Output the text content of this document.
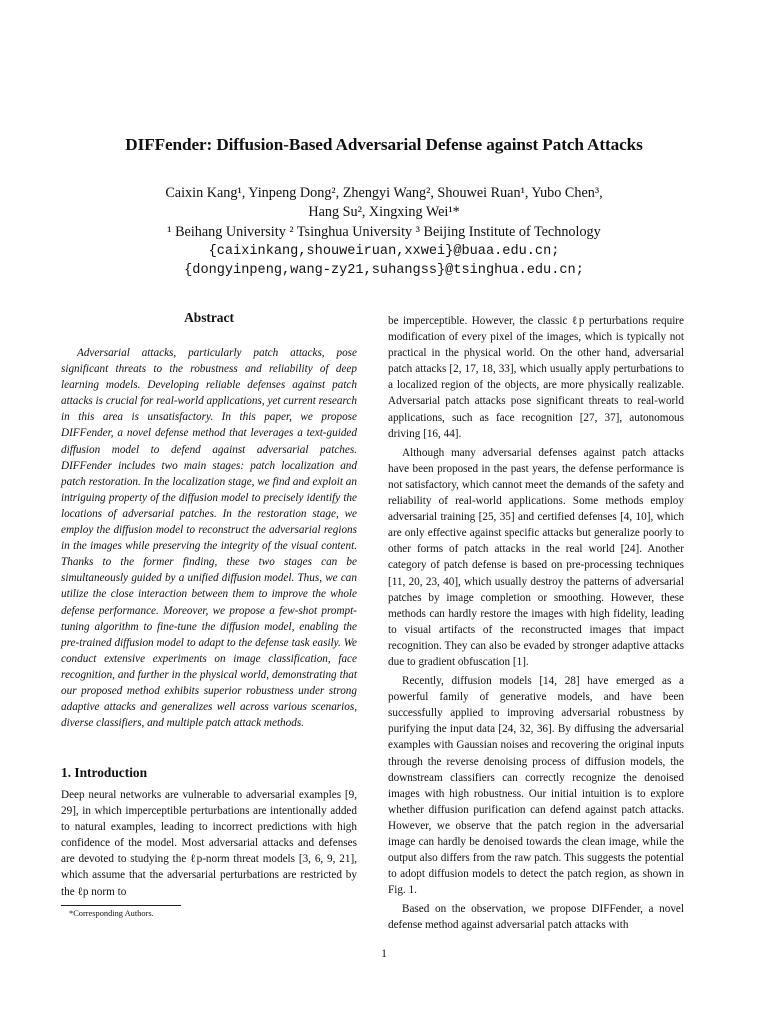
DIFFender: Diffusion-Based Adversarial Defense against Patch Attacks
Caixin Kang¹, Yinpeng Dong², Zhengyi Wang², Shouwei Ruan¹, Yubo Chen³,
Hang Su², Xingxing Wei¹*
¹ Beihang University ² Tsinghua University ³ Beijing Institute of Technology
{caixinkang,shouweiruan,xxwei}@buaa.edu.cn;
{dongyinpeng,wang-zy21,suhangss}@tsinghua.edu.cn;
Abstract

Adversarial attacks, particularly patch attacks, pose significant threats to the robustness and reliability of deep learning models. Developing reliable defenses against patch attacks is crucial for real-world applications, yet current research in this area is unsatisfactory. In this paper, we propose DIFFender, a novel defense method that leverages a text-guided diffusion model to defend against adversarial patches. DIFFender includes two main stages: patch localization and patch restoration. In the localization stage, we find and exploit an intriguing property of the diffusion model to precisely identify the locations of adversarial patches. In the restoration stage, we employ the diffusion model to reconstruct the adversarial regions in the images while preserving the integrity of the visual content. Thanks to the former finding, these two stages can be simultaneously guided by a unified diffusion model. Thus, we can utilize the close interaction between them to improve the whole defense performance. Moreover, we propose a few-shot prompt-tuning algorithm to fine-tune the diffusion model, enabling the pre-trained diffusion model to adapt to the defense task easily. We conduct extensive experiments on image classification, face recognition, and further in the physical world, demonstrating that our proposed method exhibits superior robustness under strong adaptive attacks and generalizes well across various scenarios, diverse classifiers, and multiple patch attack methods.

1. Introduction

Deep neural networks are vulnerable to adversarial examples [9, 29], in which imperceptible perturbations are intentionally added to natural examples, leading to incorrect predictions with high confidence of the model. Most adversarial attacks and defenses are devoted to studying the ℓp-norm threat models [3, 6, 9, 21], which assume that the adversarial perturbations are restricted by the ℓp norm to

*Corresponding Authors.

be imperceptible. However, the classic ℓp perturbations require modification of every pixel of the images, which is typically not practical in the physical world. On the other hand, adversarial patch attacks [2, 17, 18, 33], which usually apply perturbations to a localized region of the objects, are more physically realizable. Adversarial patch attacks pose significant threats to real-world applications, such as face recognition [27, 37], autonomous driving [16, 44].

Although many adversarial defenses against patch attacks have been proposed in the past years, the defense performance is not satisfactory, which cannot meet the demands of the safety and reliability of real-world applications. Some methods employ adversarial training [25, 35] and certified defenses [4, 10], which are only effective against specific attacks but generalize poorly to other forms of patch attacks in the real world [24]. Another category of patch defense is based on pre-processing techniques [11, 20, 23, 40], which usually destroy the patterns of adversarial patches by image completion or smoothing. However, these methods can hardly restore the images with high fidelity, leading to visual artifacts of the reconstructed images that impact recognition. They can also be evaded by stronger adaptive attacks due to gradient obfuscation [1].

Recently, diffusion models [14, 28] have emerged as a powerful family of generative models, and have been successfully applied to improving adversarial robustness by purifying the input data [24, 32, 36]. By diffusing the adversarial examples with Gaussian noises and recovering the original inputs through the reverse denoising process of diffusion models, the downstream classifiers can correctly recognize the denoised images with high robustness. Our initial intuition is to explore whether diffusion purification can defend against patch attacks. However, we observe that the patch region in the adversarial image can hardly be denoised towards the clean image, while the output also differs from the raw patch. This suggests the potential to adopt diffusion models to detect the patch region, as shown in Fig. 1.

Based on the observation, we propose DIFFender, a novel defense method against adversarial patch attacks with

1
